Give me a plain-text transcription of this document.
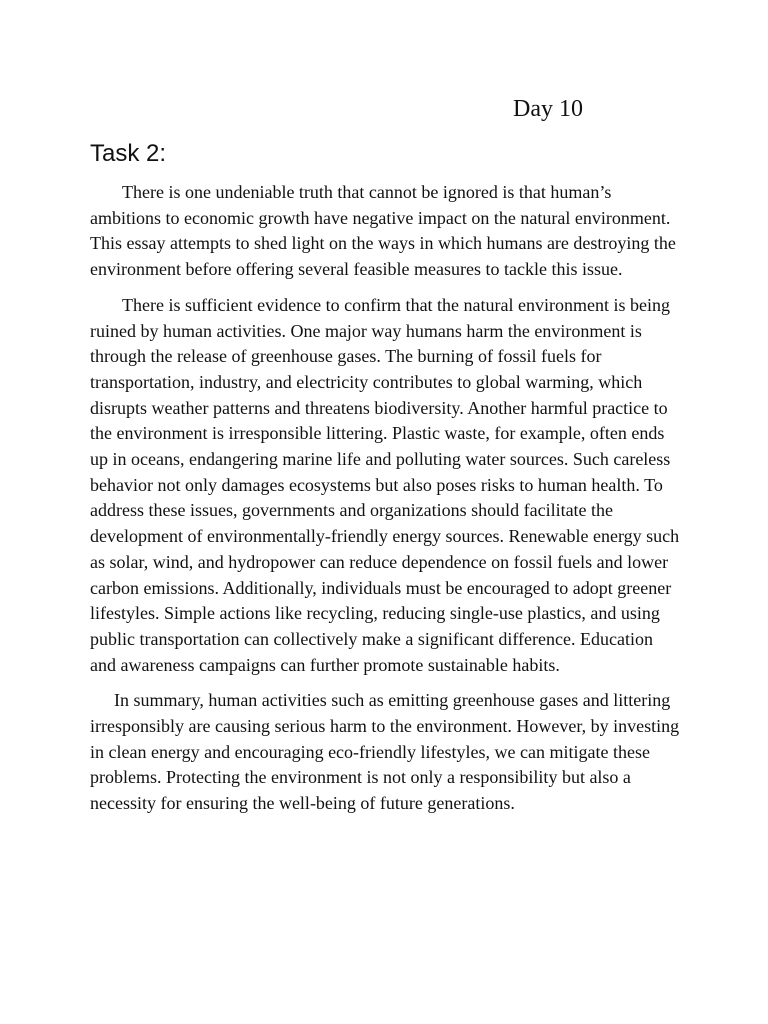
Day 10
Task 2:

There is one undeniable truth that cannot be ignored is that human’s ambitions to economic growth have negative impact on the natural environment. This essay attempts to shed light on the ways in which humans are destroying the environment before offering several feasible measures to tackle this issue.

There is sufficient evidence to confirm that the natural environment is being ruined by human activities. One major way humans harm the environment is through the release of greenhouse gases. The burning of fossil fuels for transportation, industry, and electricity contributes to global warming, which disrupts weather patterns and threatens biodiversity. Another harmful practice to the environment is irresponsible littering. Plastic waste, for example, often ends up in oceans, endangering marine life and polluting water sources. Such careless behavior not only damages ecosystems but also poses risks to human health. To address these issues, governments and organizations should facilitate the development of environmentally-friendly energy sources. Renewable energy such as solar, wind, and hydropower can reduce dependence on fossil fuels and lower carbon emissions. Additionally, individuals must be encouraged to adopt greener lifestyles. Simple actions like recycling, reducing single-use plastics, and using public transportation can collectively make a significant difference. Education and awareness campaigns can further promote sustainable habits.

In summary, human activities such as emitting greenhouse gases and littering irresponsibly are causing serious harm to the environment. However, by investing in clean energy and encouraging eco-friendly lifestyles, we can mitigate these problems. Protecting the environment is not only a responsibility but also a necessity for ensuring the well-being of future generations.
